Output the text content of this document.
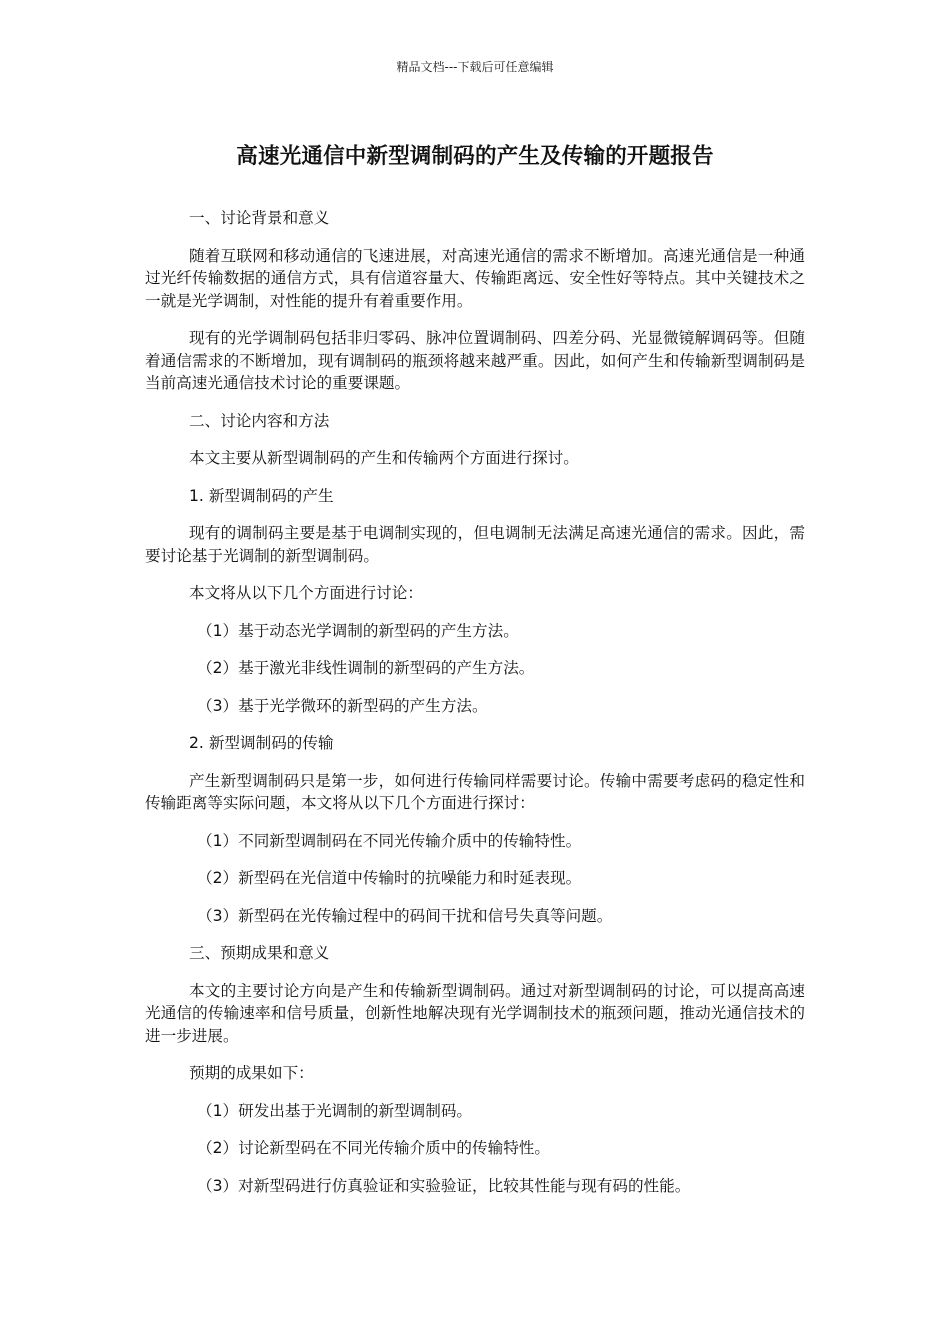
精品文档---下载后可任意编辑
高速光通信中新型调制码的产生及传输的开题报告
一、讨论背景和意义
随着互联网和移动通信的飞速进展，对高速光通信的需求不断增加。高速光通信是一种通过光纤传输数据的通信方式，具有信道容量大、传输距离远、安全性好等特点。其中关键技术之一就是光学调制，对性能的提升有着重要作用。
现有的光学调制码包括非归零码、脉冲位置调制码、四差分码、光显微镜解调码等。但随着通信需求的不断增加，现有调制码的瓶颈将越来越严重。因此，如何产生和传输新型调制码是当前高速光通信技术讨论的重要课题。
二、讨论内容和方法
本文主要从新型调制码的产生和传输两个方面进行探讨。
1. 新型调制码的产生
现有的调制码主要是基于电调制实现的，但电调制无法满足高速光通信的需求。因此，需要讨论基于光调制的新型调制码。
本文将从以下几个方面进行讨论：
（1）基于动态光学调制的新型码的产生方法。
（2）基于激光非线性调制的新型码的产生方法。
（3）基于光学微环的新型码的产生方法。
2. 新型调制码的传输
产生新型调制码只是第一步，如何进行传输同样需要讨论。传输中需要考虑码的稳定性和传输距离等实际问题，本文将从以下几个方面进行探讨：
（1）不同新型调制码在不同光传输介质中的传输特性。
（2）新型码在光信道中传输时的抗噪能力和时延表现。
（3）新型码在光传输过程中的码间干扰和信号失真等问题。
三、预期成果和意义
本文的主要讨论方向是产生和传输新型调制码。通过对新型调制码的讨论，可以提高高速光通信的传输速率和信号质量，创新性地解决现有光学调制技术的瓶颈问题，推动光通信技术的进一步进展。
预期的成果如下：
（1）研发出基于光调制的新型调制码。
（2）讨论新型码在不同光传输介质中的传输特性。
（3）对新型码进行仿真验证和实验验证，比较其性能与现有码的性能。
